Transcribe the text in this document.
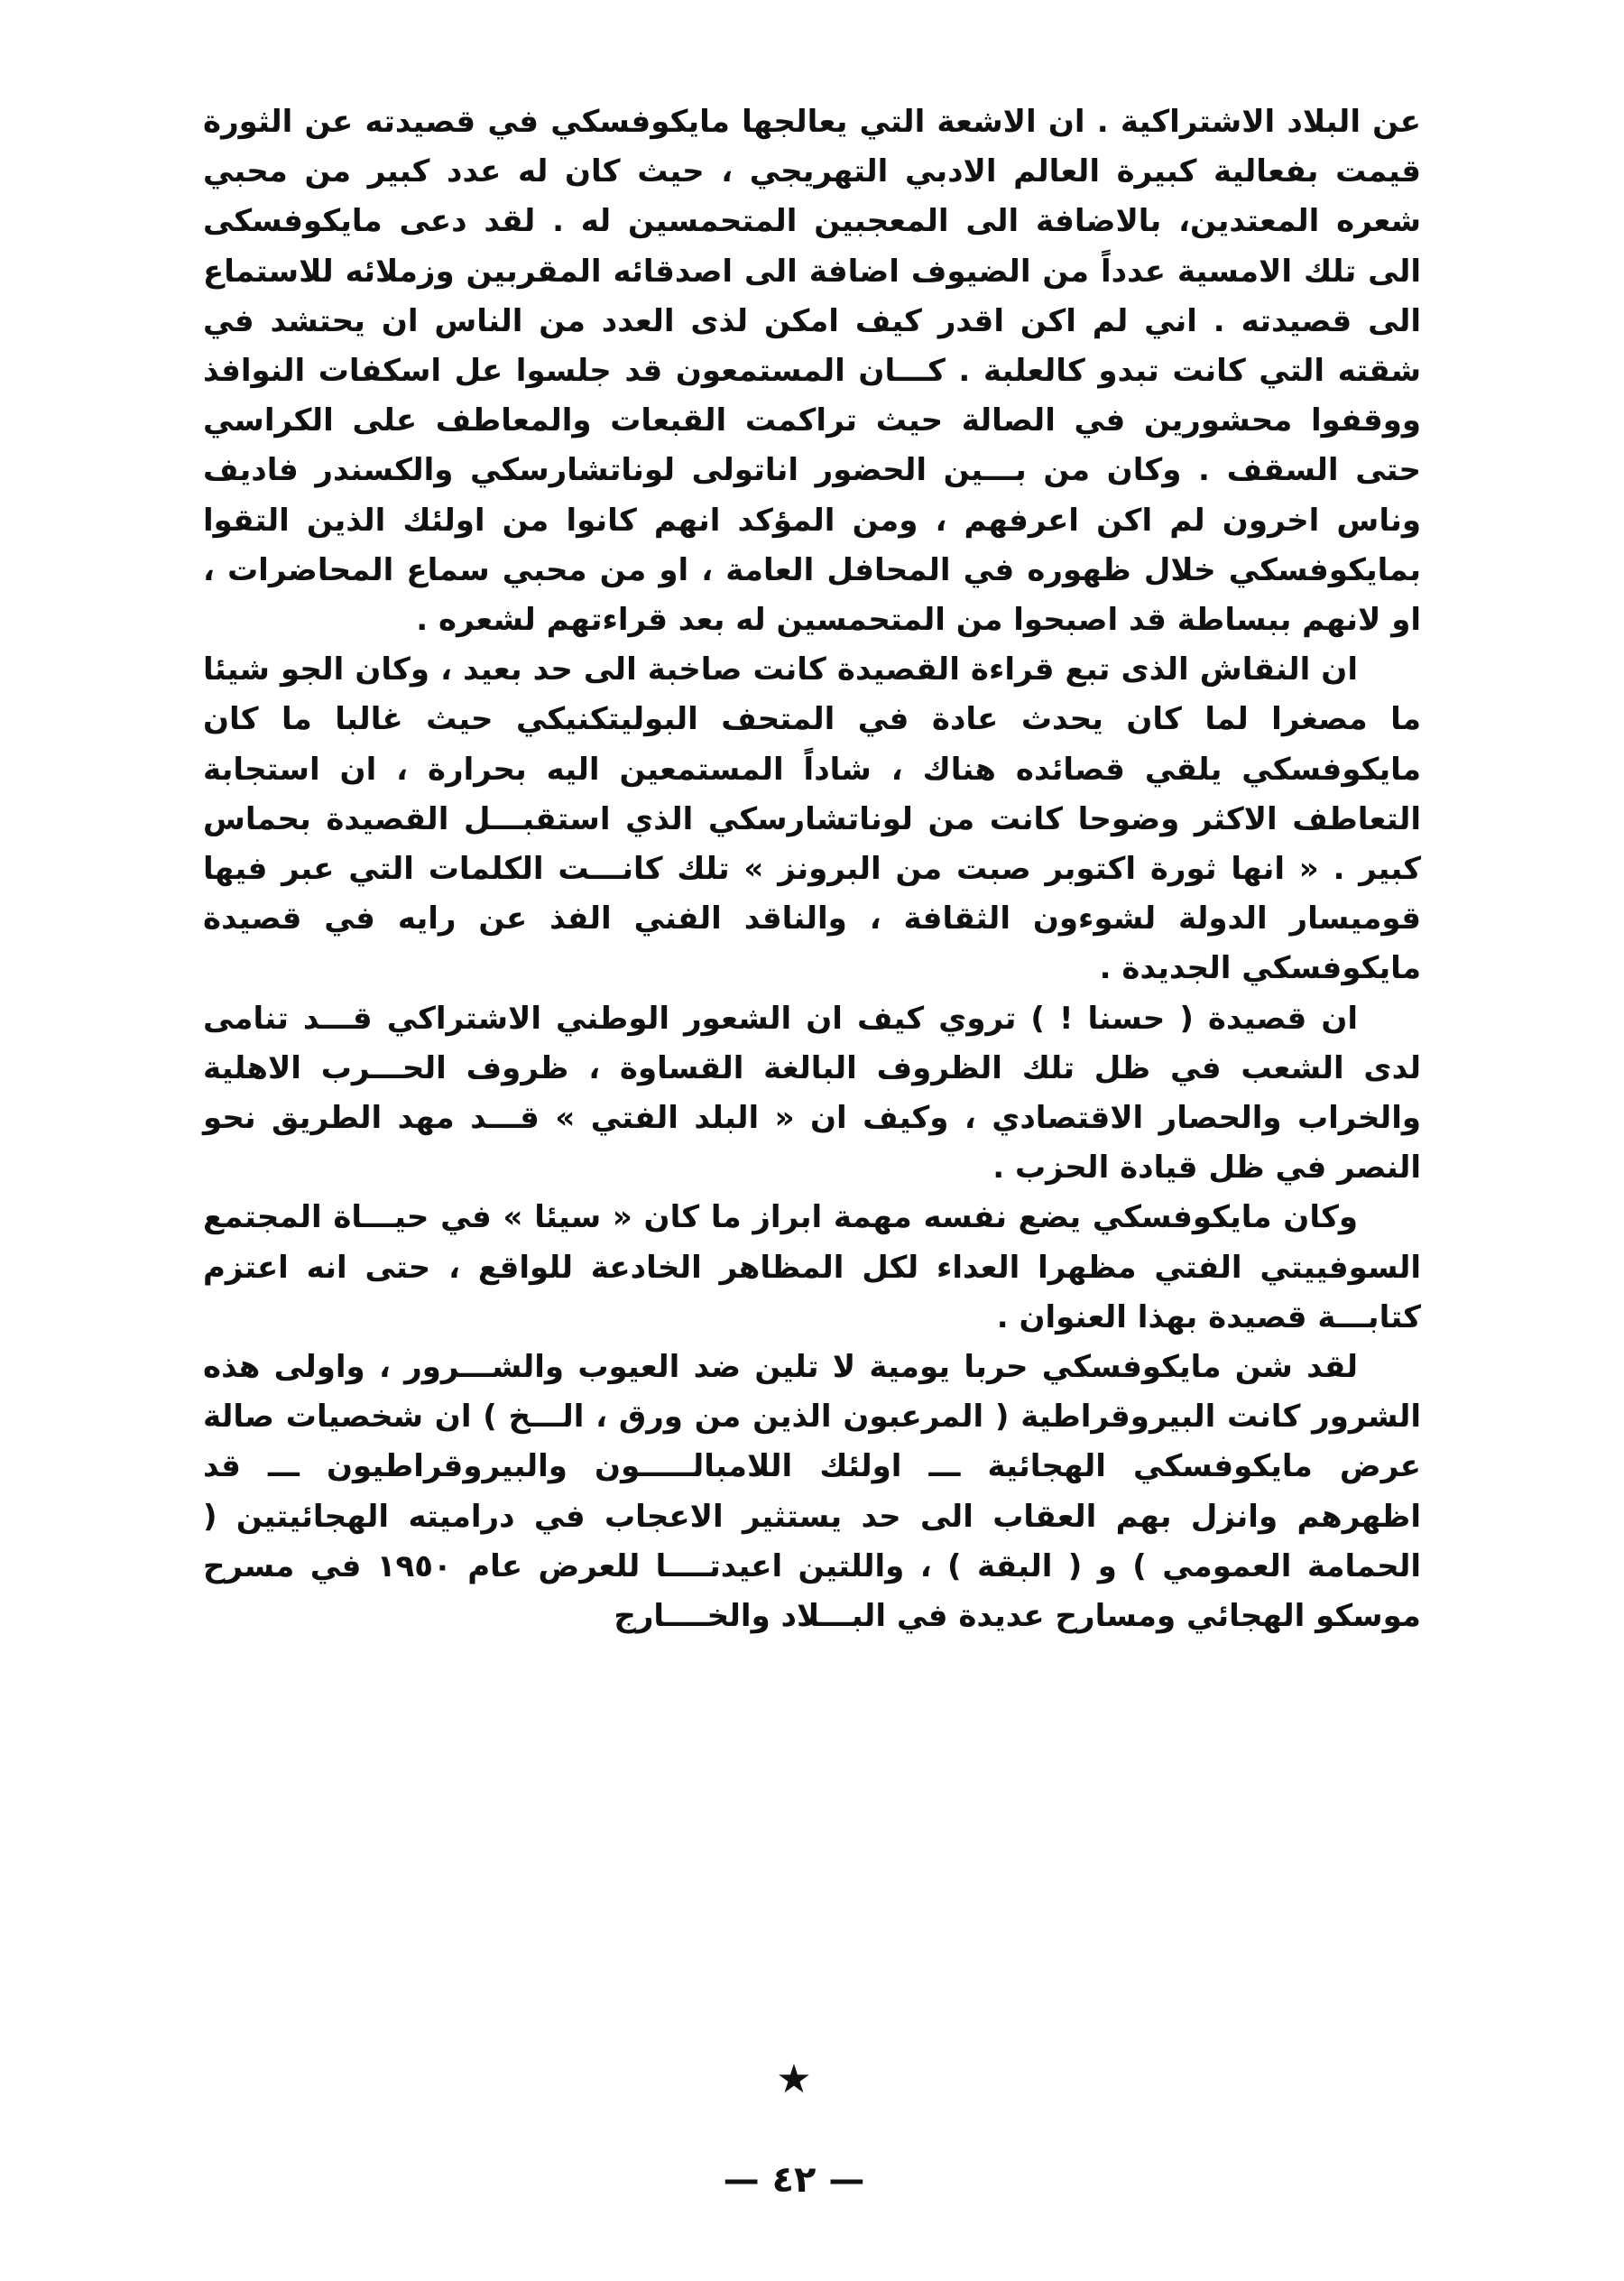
عن البلاد الاشتراكية . ان الاشعة التي يعالجها مايكوفسكي في قصيدته عن الثورة قيمت بفعالية كبيرة العالم الادبي التهريجي ، حيث كان له عدد كبير من محبي شعره المعتدين، بالاضافة الى المعجبين المتحمسين له . لقد دعى مايكوفسكى الى تلك الامسية عدداً من الضيوف اضافة الى اصدقائه المقربين وزملائه للاستماع الى قصيدته . اني لم اكن اقدر كيف امكن لذى العدد من الناس ان يحتشد في شقته التي كانت تبدو كالعلبة . كـــان المستمعون قد جلسوا عل اسكفات النوافذ ووقفوا محشورين في الصالة حيث تراكمت القبعات والمعاطف على الكراسي حتى السقف . وكان من بـــين الحضور اناتولى لوناتشارسكي والكسندر فاديف وناس اخرون لم اكن اعرفهم ، ومن المؤكد انهم كانوا من اولئك الذين التقوا بمايكوفسكي خلال ظهوره في المحافل العامة ، او من محبي سماع المحاضرات ، او لانهم ببساطة قد اصبحوا من المتحمسين له بعد قراءتهم لشعره .

ان النقاش الذى تبع قراءة القصيدة كانت صاخبة الى حد بعيد ، وكان الجو شيئا ما مصغرا لما كان يحدث عادة في المتحف البوليتكنيكي حيث غالبا ما كان مايكوفسكي يلقي قصائده هناك ، شاداً المستمعين اليه بحرارة ، ان استجابة التعاطف الاكثر وضوحا كانت من لوناتشارسكي الذي استقبـــل القصيدة بحماس كبير . « انها ثورة اكتوبر صبت من البرونز » تلك كانـــت الكلمات التي عبر فيها قوميسار الدولة لشوءون الثقافة ، والناقد الفني الفذ عن رايه في قصيدة مايكوفسكي الجديدة .

ان قصيدة ( حسنا ! ) تروي كيف ان الشعور الوطني الاشتراكي قـــد تنامى لدى الشعب في ظل تلك الظروف البالغة القساوة ، ظروف الحـــرب الاهلية والخراب والحصار الاقتصادي ، وكيف ان « البلد الفتي » قـــد مهد الطريق نحو النصر في ظل قيادة الحزب .

وكان مايكوفسكي يضع نفسه مهمة ابراز ما كان « سيئا » في حيـــاة المجتمع السوفييتي الفتي مظهرا العداء لكل المظاهر الخادعة للواقع ، حتى انه اعتزم كتابـــة قصيدة بهذا العنوان .

لقد شن مايكوفسكي حربا يومية لا تلين ضد العيوب والشـــرور ، واولى هذه الشرور كانت البيروقراطية ( المرعبون الذين من ورق ، الـــخ ) ان شخصيات صالة عرض مايكوفسكي الهجائية ـــ اولئك اللامبالـــــون والبيروقراطيون ـــ قد اظهرهم وانزل بهم العقاب الى حد يستثير الاعجاب في دراميته الهجائيتين ( الحمامة العمومي ) و ( البقة ) ، واللتين اعيدتــــا للعرض عام ١٩٥٠ في مسرح موسكو الهجائي ومسارح عديدة في البـــلاد والخــــارج

★
— ٤٢ —
